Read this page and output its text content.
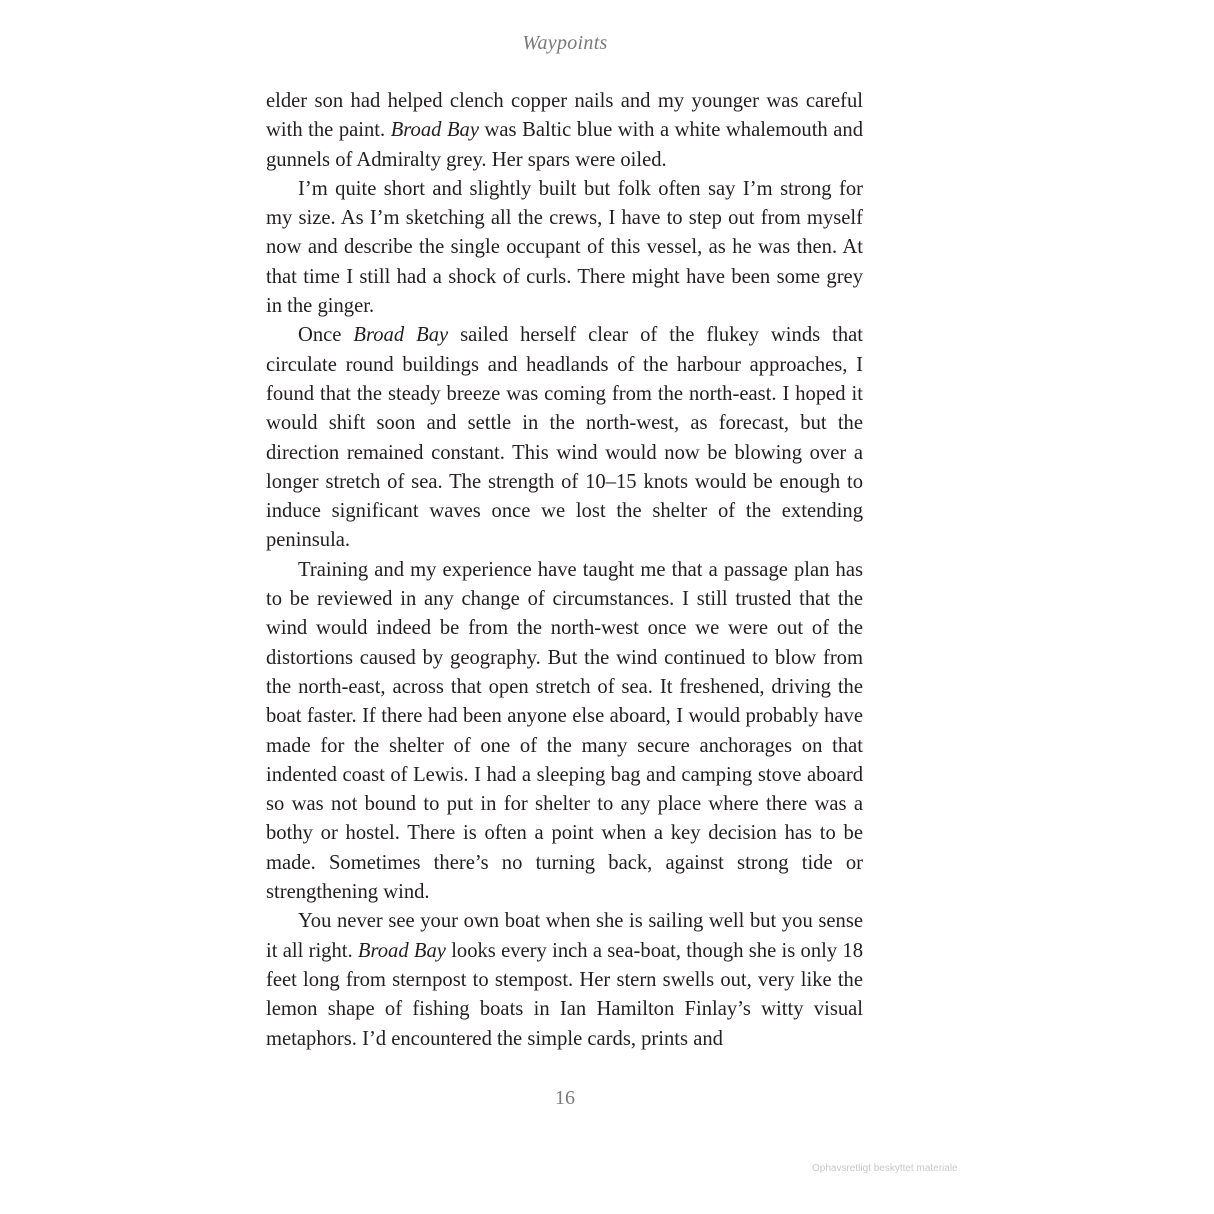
Waypoints

elder son had helped clench copper nails and my younger was careful with the paint. Broad Bay was Baltic blue with a white whalemouth and gunnels of Admiralty grey. Her spars were oiled.

I’m quite short and slightly built but folk often say I’m strong for my size. As I’m sketching all the crews, I have to step out from myself now and describe the single occupant of this vessel, as he was then. At that time I still had a shock of curls. There might have been some grey in the ginger.

Once Broad Bay sailed herself clear of the flukey winds that circulate round buildings and headlands of the harbour approaches, I found that the steady breeze was coming from the north-east. I hoped it would shift soon and settle in the north-west, as forecast, but the direction remained constant. This wind would now be blowing over a longer stretch of sea. The strength of 10–15 knots would be enough to induce significant waves once we lost the shelter of the extending peninsula.

Training and my experience have taught me that a passage plan has to be reviewed in any change of circumstances. I still trusted that the wind would indeed be from the north-west once we were out of the distortions caused by geography. But the wind continued to blow from the north-east, across that open stretch of sea. It freshened, driving the boat faster. If there had been anyone else aboard, I would probably have made for the shelter of one of the many secure anchorages on that indented coast of Lewis. I had a sleeping bag and camping stove aboard so was not bound to put in for shelter to any place where there was a bothy or hostel. There is often a point when a key decision has to be made. Sometimes there’s no turning back, against strong tide or strengthening wind.

You never see your own boat when she is sailing well but you sense it all right. Broad Bay looks every inch a sea-boat, though she is only 18 feet long from sternpost to stempost. Her stern swells out, very like the lemon shape of fishing boats in Ian Hamilton Finlay’s witty visual metaphors. I’d encountered the simple cards, prints and

16
Ophavsretligt beskyttet materiale
